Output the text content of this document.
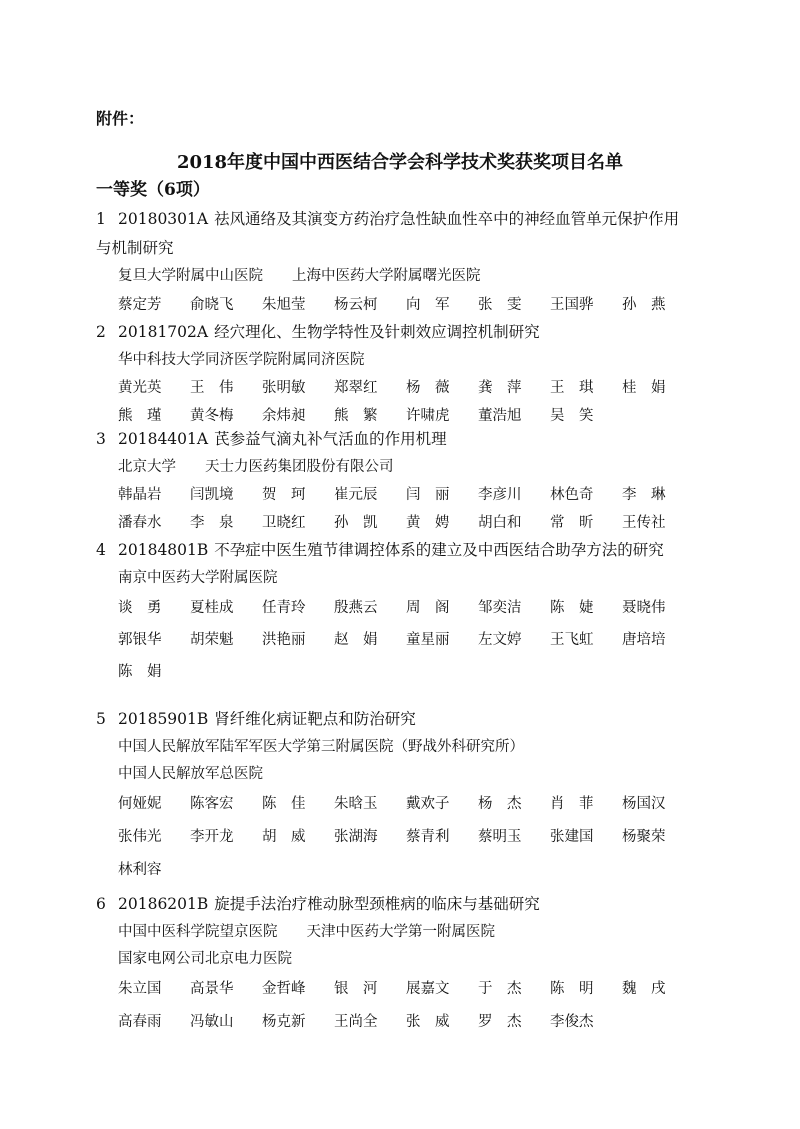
附件：
2018年度中国中西医结合学会科学技术奖获奖项目名单
一等奖（6项）
1 20180301A 祛风通络及其演变方药治疗急性缺血性卒中的神经血管单元保护作用
与机制研究
复旦大学附属中山医院　　上海中医药大学附属曙光医院
蔡定芳	俞晓飞	朱旭莹	杨云柯	向　军	张　雯	王国骅	孙　燕
2 20181702A 经穴理化、生物学特性及针刺效应调控机制研究
华中科技大学同济医学院附属同济医院
黄光英	王　伟	张明敏	郑翠红	杨　薇	龚　萍	王　琪	桂　娟
熊　瑾	黄冬梅	余炜昶	熊　繁	许啸虎	董浩旭	吴　笑
3 20184401A 芪参益气滴丸补气活血的作用机理
北京大学　　天士力医药集团股份有限公司
韩晶岩	闫凯境	贺　珂	崔元辰	闫　丽	李彦川	林色奇	李　琳
潘春水	李　泉	卫晓红	孙　凯	黄　娉	胡白和	常　昕	王传社
4 20184801B 不孕症中医生殖节律调控体系的建立及中西医结合助孕方法的研究
南京中医药大学附属医院
谈　勇	夏桂成	任青玲	殷燕云	周　阁	邹奕洁	陈　婕	聂晓伟
郭银华	胡荣魁	洪艳丽	赵　娟	童星丽	左文婷	王飞虹	唐培培
陈　娟
5 20185901B 肾纤维化病证靶点和防治研究
中国人民解放军陆军军医大学第三附属医院（野战外科研究所）
中国人民解放军总医院
何娅妮	陈客宏	陈　佳	朱晗玉	戴欢子	杨　杰	肖　菲	杨国汉
张伟光	李开龙	胡　威	张湖海	蔡青利	蔡明玉	张建国	杨聚荣
林利容
6 20186201B 旋提手法治疗椎动脉型颈椎病的临床与基础研究
中国中医科学院望京医院　　天津中医药大学第一附属医院
国家电网公司北京电力医院
朱立国	高景华	金哲峰	银　河	展嘉文	于　杰	陈　明	魏　戌
高春雨	冯敏山	杨克新	王尚全	张　威	罗　杰	李俊杰
